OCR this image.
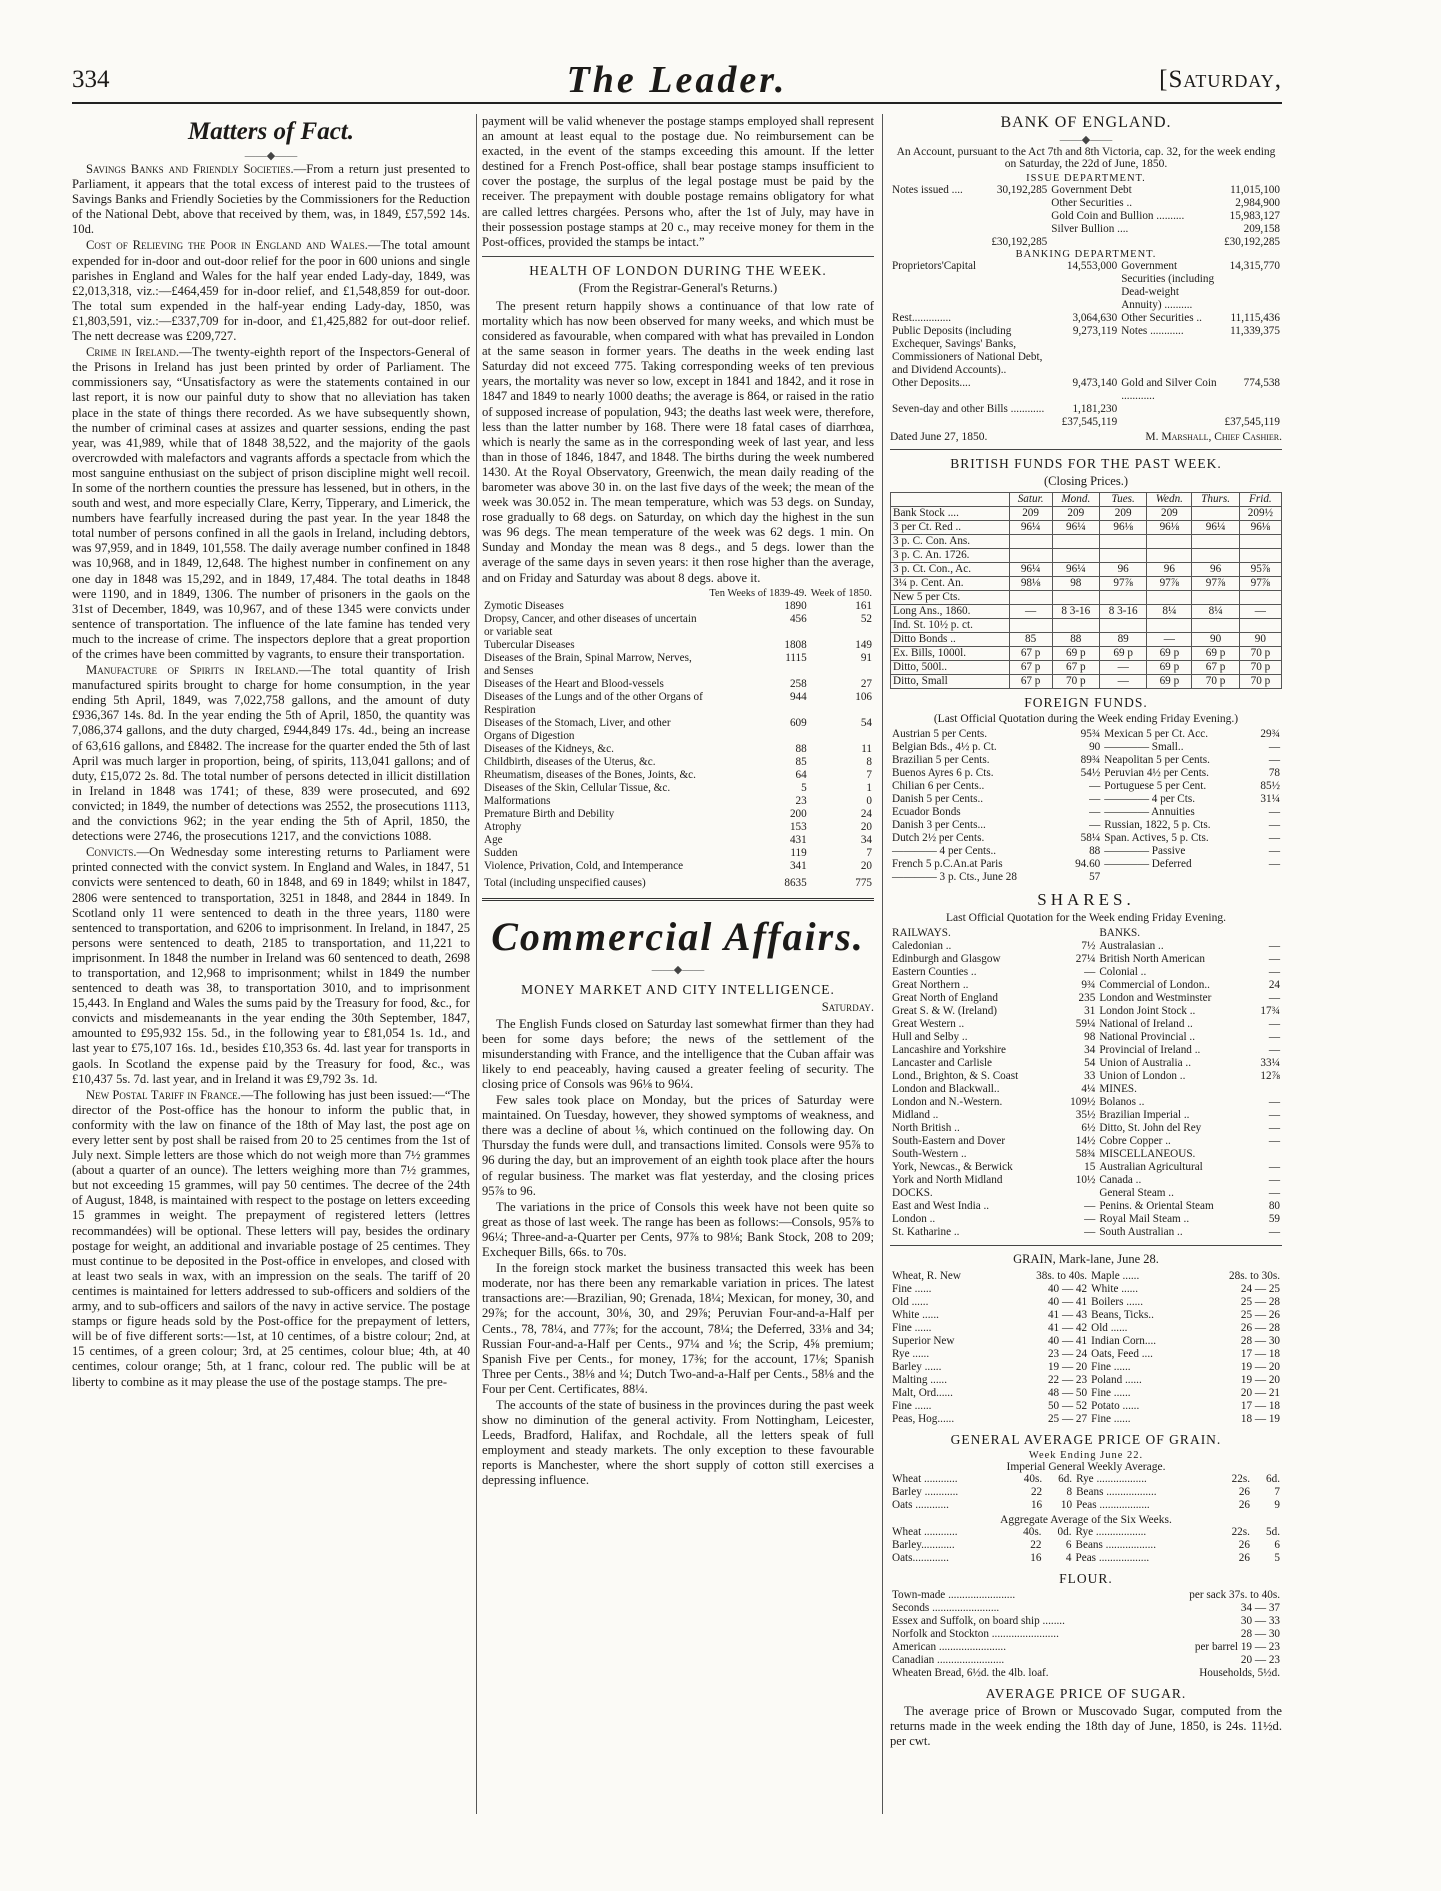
334	The Leader.	[Saturday,
Matters of Fact.
——◆——

Savings Banks and Friendly Societies.—From a return just presented to Parliament, it appears that the total excess of interest paid to the trustees of Savings Banks and Friendly Societies by the Commissioners for the Reduction of the National Debt, above that received by them, was, in 1849, £57,592 14s. 10d.

Cost of Relieving the Poor in England and Wales.—The total amount expended for in-door and out-door relief for the poor in 600 unions and single parishes in England and Wales for the half year ended Lady-day, 1849, was £2,013,318, viz.:—£464,459 for in-door relief, and £1,548,859 for out-door. The total sum expended in the half-year ending Lady-day, 1850, was £1,803,591, viz.:—£337,709 for in-door, and £1,425,882 for out-door relief. The nett decrease was £209,727.

Crime in Ireland.—The twenty-eighth report of the Inspectors-General of the Prisons in Ireland has just been printed by order of Parliament. The commissioners say, “Unsatisfactory as were the statements contained in our last report, it is now our painful duty to show that no alleviation has taken place in the state of things there recorded. As we have subsequently shown, the number of criminal cases at assizes and quarter sessions, ending the past year, was 41,989, while that of 1848 38,522, and the majority of the gaols overcrowded with malefactors and vagrants affords a spectacle from which the most sanguine enthusiast on the subject of prison discipline might well recoil. In some of the northern counties the pressure has lessened, but in others, in the south and west, and more especially Clare, Kerry, Tipperary, and Limerick, the numbers have fearfully increased during the past year. In the year 1848 the total number of persons confined in all the gaols in Ireland, including debtors, was 97,959, and in 1849, 101,558. The daily average number confined in 1848 was 10,968, and in 1849, 12,648. The highest number in confinement on any one day in 1848 was 15,292, and in 1849, 17,484. The total deaths in 1848 were 1190, and in 1849, 1306. The number of prisoners in the gaols on the 31st of December, 1849, was 10,967, and of these 1345 were convicts under sentence of transportation. The influence of the late famine has tended very much to the increase of crime. The inspectors deplore that a great proportion of the crimes have been committed by vagrants, to ensure their transportation.

Manufacture of Spirits in Ireland.—The total quantity of Irish manufactured spirits brought to charge for home consumption, in the year ending 5th April, 1849, was 7,022,758 gallons, and the amount of duty £936,367 14s. 8d. In the year ending the 5th of April, 1850, the quantity was 7,086,374 gallons, and the duty charged, £944,849 17s. 4d., being an increase of 63,616 gallons, and £8482. The increase for the quarter ended the 5th of last April was much larger in proportion, being, of spirits, 113,041 gallons; and of duty, £15,072 2s. 8d. The total number of persons detected in illicit distillation in Ireland in 1848 was 1741; of these, 839 were prosecuted, and 692 convicted; in 1849, the number of detections was 2552, the prosecutions 1113, and the convictions 962; in the year ending the 5th of April, 1850, the detections were 2746, the prosecutions 1217, and the convictions 1088.

Convicts.—On Wednesday some interesting returns to Parliament were printed connected with the convict system. In England and Wales, in 1847, 51 convicts were sentenced to death, 60 in 1848, and 69 in 1849; whilst in 1847, 2806 were sentenced to transportation, 3251 in 1848, and 2844 in 1849. In Scotland only 11 were sentenced to death in the three years, 1180 were sentenced to transportation, and 6206 to imprisonment. In Ireland, in 1847, 25 persons were sentenced to death, 2185 to transportation, and 11,221 to imprisonment. In 1848 the number in Ireland was 60 sentenced to death, 2698 to transportation, and 12,968 to imprisonment; whilst in 1849 the number sentenced to death was 38, to transportation 3010, and to imprisonment 15,443. In England and Wales the sums paid by the Treasury for food, &c., for convicts and misdemeanants in the year ending the 30th September, 1847, amounted to £95,932 15s. 5d., in the following year to £81,054 1s. 1d., and last year to £75,107 16s. 1d., besides £10,353 6s. 4d. last year for transports in gaols. In Scotland the expense paid by the Treasury for food, &c., was £10,437 5s. 7d. last year, and in Ireland it was £9,792 3s. 1d.

New Postal Tariff in France.—The following has just been issued:—“The director of the Post-office has the honour to inform the public that, in conformity with the law on finance of the 18th of May last, the post age on every letter sent by post shall be raised from 20 to 25 centimes from the 1st of July next. Simple letters are those which do not weigh more than 7½ grammes (about a quarter of an ounce). The letters weighing more than 7½ grammes, but not exceeding 15 grammes, will pay 50 centimes. The decree of the 24th of August, 1848, is maintained with respect to the postage on letters exceeding 15 grammes in weight. The prepayment of registered letters (lettres recommandées) will be optional. These letters will pay, besides the ordinary postage for weight, an additional and invariable postage of 25 centimes. They must continue to be deposited in the Post-office in envelopes, and closed with at least two seals in wax, with an impression on the seals. The tariff of 20 centimes is maintained for letters addressed to sub-officers and soldiers of the army, and to sub-officers and sailors of the navy in active service. The postage stamps or figure heads sold by the Post-office for the prepayment of letters, will be of five different sorts:—1st, at 10 centimes, of a bistre colour; 2nd, at 15 centimes, of a green colour; 3rd, at 25 centimes, colour blue; 4th, at 40 centimes, colour orange; 5th, at 1 franc, colour red. The public will be at liberty to combine as it may please the use of the postage stamps. The pre-

payment will be valid whenever the postage stamps employed shall represent an amount at least equal to the postage due. No reimbursement can be exacted, in the event of the stamps exceeding this amount. If the letter destined for a French Post-office, shall bear postage stamps insufficient to cover the postage, the surplus of the legal postage must be paid by the receiver. The prepayment with double postage remains obligatory for what are called lettres chargées. Persons who, after the 1st of July, may have in their possession postage stamps at 20 c., may receive money for them in the Post-offices, provided the stamps be intact.”

HEALTH OF LONDON DURING THE WEEK.
(From the Registrar-General's Returns.)

The present return happily shows a continuance of that low rate of mortality which has now been observed for many weeks, and which must be considered as favourable, when compared with what has prevailed in London at the same season in former years. The deaths in the week ending last Saturday did not exceed 775. Taking corresponding weeks of ten previous years, the mortality was never so low, except in 1841 and 1842, and it rose in 1847 and 1849 to nearly 1000 deaths; the average is 864, or raised in the ratio of supposed increase of population, 943; the deaths last week were, therefore, less than the latter number by 168. There were 18 fatal cases of diarrhœa, which is nearly the same as in the corresponding week of last year, and less than in those of 1846, 1847, and 1848. The births during the week numbered 1430. At the Royal Observatory, Greenwich, the mean daily reading of the barometer was above 30 in. on the last five days of the week; the mean of the week was 30.052 in. The mean temperature, which was 53 degs. on Sunday, rose gradually to 68 degs. on Saturday, on which day the highest in the sun was 96 degs. The mean temperature of the week was 62 degs. 1 min. On Sunday and Monday the mean was 8 degs., and 5 degs. lower than the average of the same days in seven years: it then rose higher than the average, and on Friday and Saturday was about 8 degs. above it.

	Ten Weeks of 1839-49.	Week of 1850.
Zymotic Diseases	1890	161
Dropsy, Cancer, and other diseases of uncertain or variable seat	456	52
Tubercular Diseases	1808	149
Diseases of the Brain, Spinal Marrow, Nerves, and Senses	1115	91
Diseases of the Heart and Blood-vessels	258	27
Diseases of the Lungs and of the other Organs of Respiration	944	106
Diseases of the Stomach, Liver, and other Organs of Digestion	609	54
Diseases of the Kidneys, &c.	88	11
Childbirth, diseases of the Uterus, &c.	85	8
Rheumatism, diseases of the Bones, Joints, &c.	64	7
Diseases of the Skin, Cellular Tissue, &c.	5	1
Malformations	23	0
Premature Birth and Debility	200	24
Atrophy	153	20
Age	431	34
Sudden	119	7
Violence, Privation, Cold, and Intemperance	341	20
Total (including unspecified causes)	8635	775
Commercial Affairs.
——◆——
MONEY MARKET AND CITY INTELLIGENCE.
Saturday.

The English Funds closed on Saturday last somewhat firmer than they had been for some days before; the news of the settlement of the misunderstanding with France, and the intelligence that the Cuban affair was likely to end peaceably, having caused a greater feeling of security. The closing price of Consols was 96⅛ to 96¼.

Few sales took place on Monday, but the prices of Saturday were maintained. On Tuesday, however, they showed symptoms of weakness, and there was a decline of about ⅛, which continued on the following day. On Thursday the funds were dull, and transactions limited. Consols were 95⅞ to 96 during the day, but an improvement of an eighth took place after the hours of regular business. The market was flat yesterday, and the closing prices 95⅞ to 96.

The variations in the price of Consols this week have not been quite so great as those of last week. The range has been as follows:—Consols, 95⅞ to 96¼; Three-and-a-Quarter per Cents, 97⅞ to 98⅛; Bank Stock, 208 to 209; Exchequer Bills, 66s. to 70s.

In the foreign stock market the business transacted this week has been moderate, nor has there been any remarkable variation in prices. The latest transactions are:—Brazilian, 90; Grenada, 18¼; Mexican, for money, 30, and 29⅞; for the account, 30⅛, 30, and 29⅞; Peruvian Four-and-a-Half per Cents., 78, 78¼, and 77⅞; for the account, 78¼; the Deferred, 33⅛ and 34; Russian Four-and-a-Half per Cents., 97¼ and ⅛; the Scrip, 4⅝ premium; Spanish Five per Cents., for money, 17⅜; for the account, 17⅛; Spanish Three per Cents., 38⅛ and ¼; Dutch Two-and-a-Half per Cents., 58⅛ and the Four per Cent. Certificates, 88¼.

The accounts of the state of business in the provinces during the past week show no diminution of the general activity. From Nottingham, Leicester, Leeds, Bradford, Halifax, and Rochdale, all the letters speak of full employment and steady markets. The only exception to these favourable reports is Manchester, where the short supply of cotton still exercises a depressing influence.

BANK OF ENGLAND.
——◆——
An Account, pursuant to the Act 7th and 8th Victoria, cap. 32, for the week ending on Saturday, the 22d of June, 1850.
ISSUE DEPARTMENT.
Notes issued ....	30,192,285	Government Debt	11,015,100
		Other Securities ..	2,984,900
		Gold Coin and Bullion ..........	15,983,127
		Silver Bullion ....	209,158
	£30,192,285		£30,192,285
BANKING DEPARTMENT.
Proprietors'Capital	14,553,000	Government Securities (including Dead-weight Annuity) ..........	14,315,770
Rest..............	3,064,630	Other Securities ..	11,115,436
Public Deposits (including Exchequer, Savings' Banks, Commissioners of National Debt, and Dividend Accounts)..	9,273,119	Notes ............	11,339,375
Other Deposits....	9,473,140	Gold and Silver Coin ............	774,538
Seven-day and other Bills ............	1,181,230		
	£37,545,119		£37,545,119
Dated June 27, 1850.	M. Marshall, Chief Cashier.
BRITISH FUNDS FOR THE PAST WEEK.
(Closing Prices.)
	Satur.	Mond.	Tues.	Wedn.	Thurs.	Frid.
Bank Stock ....	209	209	209	209		209½
3 per Ct. Red ..	96¼	96¼	96⅛	96⅛	96¼	96⅛
3 p. C. Con. Ans.						
3 p. C. An. 1726.						
3 p. Ct. Con., Ac.	96¼	96¼	96	96	96	95⅞
3¼ p. Cent. An.	98⅛	98	97⅞	97⅞	97⅞	97⅞
New 5 per Cts.						
Long Ans., 1860.	—	8 3-16	8 3-16	8¼	8¼	—
Ind. St. 10½ p. ct.						
Ditto Bonds ..	85	88	89	—	90	90
Ex. Bills, 1000l.	67 p	69 p	69 p	69 p	69 p	70 p
Ditto, 500l..	67 p	67 p	—	69 p	67 p	70 p
Ditto, Small	67 p	70 p	—	69 p	70 p	70 p
FOREIGN FUNDS.
(Last Official Quotation during the Week ending Friday Evening.)
Austrian 5 per Cents.	95¾	Mexican 5 per Ct. Acc.	29¾
Belgian Bds., 4½ p. Ct.	90	———— Small..	—
Brazilian 5 per Cents.	89¾	Neapolitan 5 per Cents.	—
Buenos Ayres 6 p. Cts.	54½	Peruvian 4½ per Cents.	78
Chilian 6 per Cents..	—	Portuguese 5 per Cent.	85½
Danish 5 per Cents..	—	———— 4 per Cts.	31¼
Ecuador Bonds	—	———— Annuities	—
Danish 3 per Cents...	—	Russian, 1822, 5 p. Cts.	—
Dutch 2½ per Cents.	58¼	Span. Actives, 5 p. Cts.	—
———— 4 per Cents..	88	———— Passive	—
French 5 p.C.An.at Paris	94.60	———— Deferred	—
———— 3 p. Cts., June 28	57		
SHARES.
Last Official Quotation for the Week ending Friday Evening.
RAILWAYS.		BANKS.	
Caledonian ..	7½	Australasian ..	—
Edinburgh and Glasgow	27¼	British North American	—
Eastern Counties ..	—	Colonial ..	—
Great Northern ..	9¾	Commercial of London..	24
Great North of England	235	London and Westminster	—
Great S. & W. (Ireland)	31	London Joint Stock ..	17¾
Great Western ..	59¼	National of Ireland ..	—
Hull and Selby ..	98	National Provincial ..	—
Lancashire and Yorkshire	34	Provincial of Ireland ..	—
Lancaster and Carlisle	54	Union of Australia ..	33¼
Lond., Brighton, & S. Coast	33	Union of London ..	12⅞
London and Blackwall..	4¼	MINES.	
London and N.-Western.	109½	Bolanos ..	—
Midland ..	35½	Brazilian Imperial ..	—
North British ..	6½	Ditto, St. John del Rey	—
South-Eastern and Dover	14½	Cobre Copper ..	—
South-Western ..	58¾	MISCELLANEOUS.	
York, Newcas., & Berwick	15	Australian Agricultural	—
York and North Midland	10½	Canada ..	—
DOCKS.		General Steam ..	—
East and West India ..	—	Penins. & Oriental Steam	80
London ..	—	Royal Mail Steam ..	59
St. Katharine ..	—	South Australian ..	—
GRAIN, Mark-lane, June 28.
Wheat, R. New	38s. to 40s.	Maple ......	28s. to 30s.
Fine ......	40 — 42	White ......	24 — 25
Old ......	40 — 41	Boilers ......	25 — 28
White ......	41 — 43	Beans, Ticks..	25 — 26
Fine ......	41 — 42	Old ......	26 — 28
Superior New	40 — 41	Indian Corn....	28 — 30
Rye ......	23 — 24	Oats, Feed ....	17 — 18
Barley ......	19 — 20	Fine ......	19 — 20
Malting ......	22 — 23	Poland ......	19 — 20
Malt, Ord......	48 — 50	Fine ......	20 — 21
Fine ......	50 — 52	Potato ......	17 — 18
Peas, Hog......	25 — 27	Fine ......	18 — 19
GENERAL AVERAGE PRICE OF GRAIN.
Week Ending June 22.
Imperial General Weekly Average.
Wheat ............	40s.	6d.	Rye ..................	22s.	6d.
Barley ............	22	8	Beans ..................	26	7
Oats ............	16	10	Peas ..................	26	9
Aggregate Average of the Six Weeks.
Wheat ............	40s.	0d.	Rye ..................	22s.	5d.
Barley............	22	6	Beans ..................	26	6
Oats.............	16	4	Peas ..................	26	5
FLOUR.
Town-made ........................	per sack 37s. to 40s.
Seconds ........................	34 — 37
Essex and Suffolk, on board ship ........	30 — 33
Norfolk and Stockton ........................	28 — 30
American ........................	per barrel 19 — 23
Canadian ........................	20 — 23
Wheaten Bread, 6½d. the 4lb. loaf.	Households, 5½d.
AVERAGE PRICE OF SUGAR.

The average price of Brown or Muscovado Sugar, computed from the returns made in the week ending the 18th day of June, 1850, is 24s. 11½d. per cwt.
